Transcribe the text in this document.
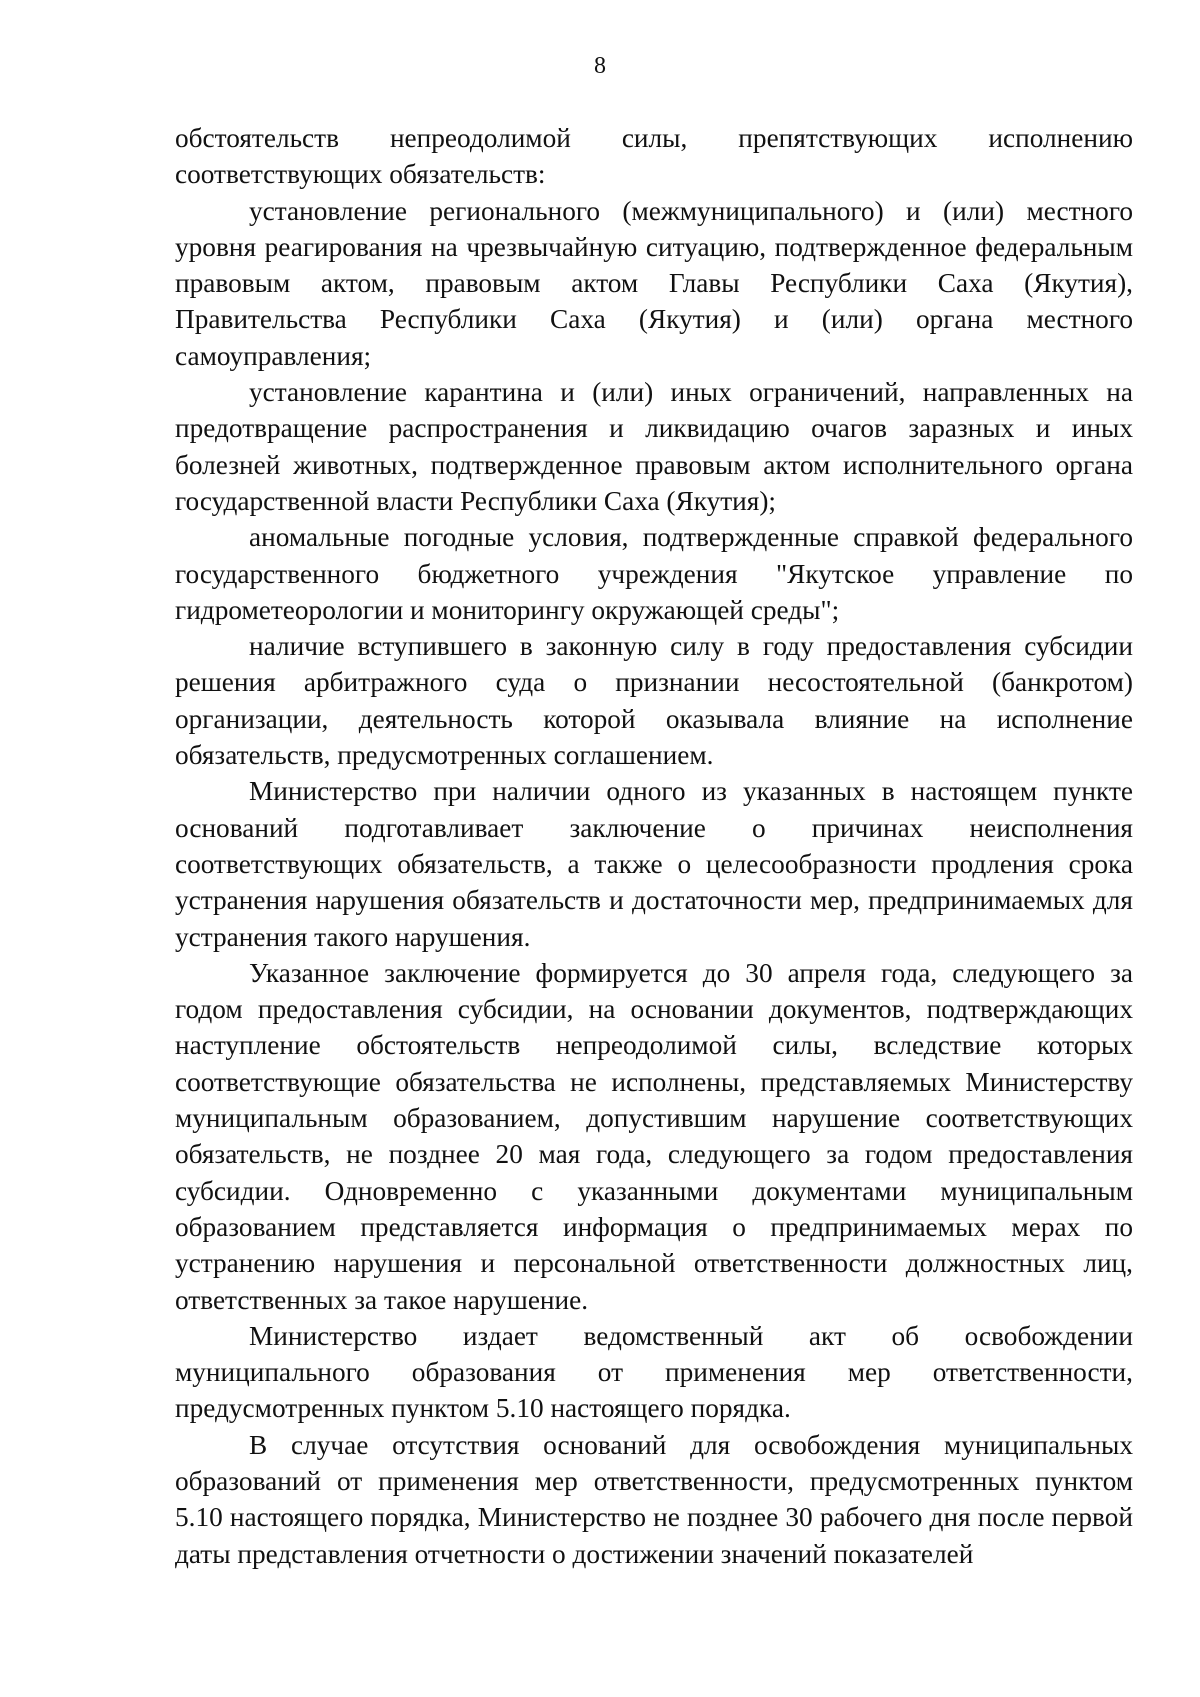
8

обстоятельств непреодолимой силы, препятствующих исполнению соответствующих обязательств:

установление регионального (межмуниципального) и (или) местного уровня реагирования на чрезвычайную ситуацию, подтвержденное федеральным правовым актом, правовым актом Главы Республики Саха (Якутия), Правительства Республики Саха (Якутия) и (или) органа местного самоуправления;

установление карантина и (или) иных ограничений, направленных на предотвращение распространения и ликвидацию очагов заразных и иных болезней животных, подтвержденное правовым актом исполнительного органа государственной власти Республики Саха (Якутия);

аномальные погодные условия, подтвержденные справкой федерального государственного бюджетного учреждения "Якутское управление по гидрометеорологии и мониторингу окружающей среды";

наличие вступившего в законную силу в году предоставления субсидии решения арбитражного суда о признании несостоятельной (банкротом) организации, деятельность которой оказывала влияние на исполнение обязательств, предусмотренных соглашением.

Министерство при наличии одного из указанных в настоящем пункте оснований подготавливает заключение о причинах неисполнения соответствующих обязательств, а также о целесообразности продления срока устранения нарушения обязательств и достаточности мер, предпринимаемых для устранения такого нарушения.

Указанное заключение формируется до 30 апреля года, следующего за годом предоставления субсидии, на основании документов, подтверждающих наступление обстоятельств непреодолимой силы, вследствие которых соответствующие обязательства не исполнены, представляемых Министерству муниципальным образованием, допустившим нарушение соответствующих обязательств, не позднее 20 мая года, следующего за годом предоставления субсидии. Одновременно с указанными документами муниципальным образованием представляется информация о предпринимаемых мерах по устранению нарушения и персональной ответственности должностных лиц, ответственных за такое нарушение.

Министерство издает ведомственный акт об освобождении муниципального образования от применения мер ответственности, предусмотренных пунктом 5.10 настоящего порядка.

В случае отсутствия оснований для освобождения муниципальных образований от применения мер ответственности, предусмотренных пунктом 5.10 настоящего порядка, Министерство не позднее 30 рабочего дня после первой даты представления отчетности о достижении значений показателей
